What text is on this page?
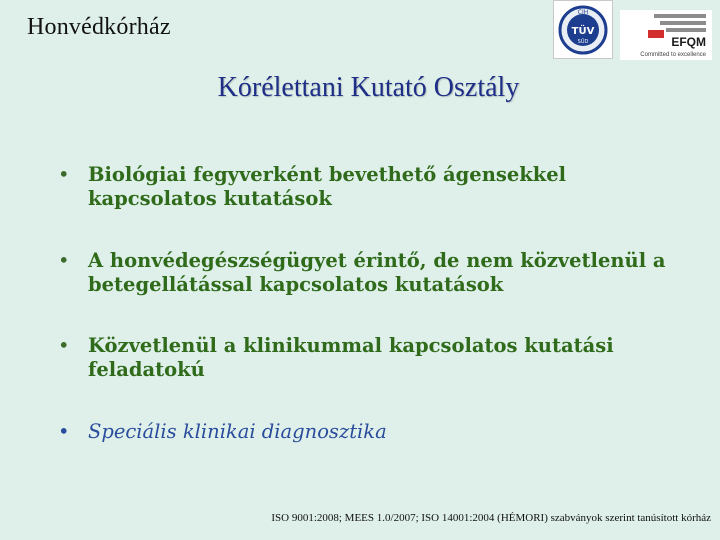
Honvédkórház
CIH
TÜV
SÜD	EFQM
Committed to excellence
Kórélettani Kutató Osztály
• Biológiai fegyverként bevethető ágensekkel kapcsolatos kutatások
• A honvédegészségügyet érintő, de nem közvetlenül a betegellátással kapcsolatos kutatások
• Közvetlenül a klinikummal kapcsolatos kutatási feladatokú
• Speciális klinikai diagnosztika
ISO 9001:2008; MEES 1.0/2007; ISO 14001:2004 (HÉMORI) szabványok szerint tanúsított kórház
